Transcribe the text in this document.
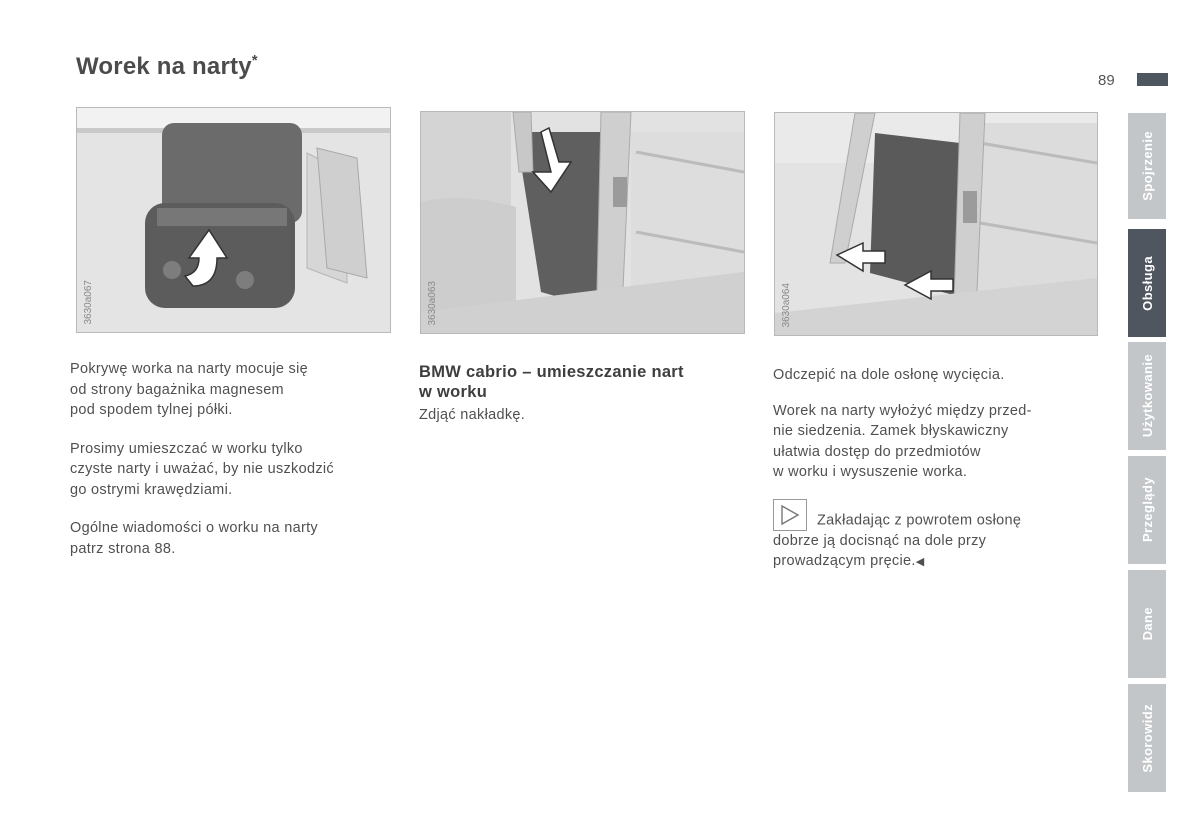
Worek na narty*
89
3630a067	3630a063	3630a064

Pokrywę worka na narty mocuje się
od strony bagażnika magnesem
pod spodem tylnej półki.

Prosimy umieszczać w worku tylko
czyste narty i uważać, by nie uszkodzić
go ostrymi krawędziami.

Ogólne wiadomości o worku na narty
patrz strona 88.

BMW cabrio – umieszczanie nart
w worku

Zdjąć nakładkę.

Odczepić na dole osłonę wycięcia.

Worek na narty wyłożyć między przed-
nie siedzenia. Zamek błyskawiczny
ułatwia dostęp do przedmiotów
w worku i wysuszenie worka.

Zakładając z powrotem osłonę
dobrze ją docisnąć na dole przy
prowadzącym pręcie.◀
Spojrzenie
Obsługa
Użytkowanie
Przeglądy
Dane
Skorowidz
